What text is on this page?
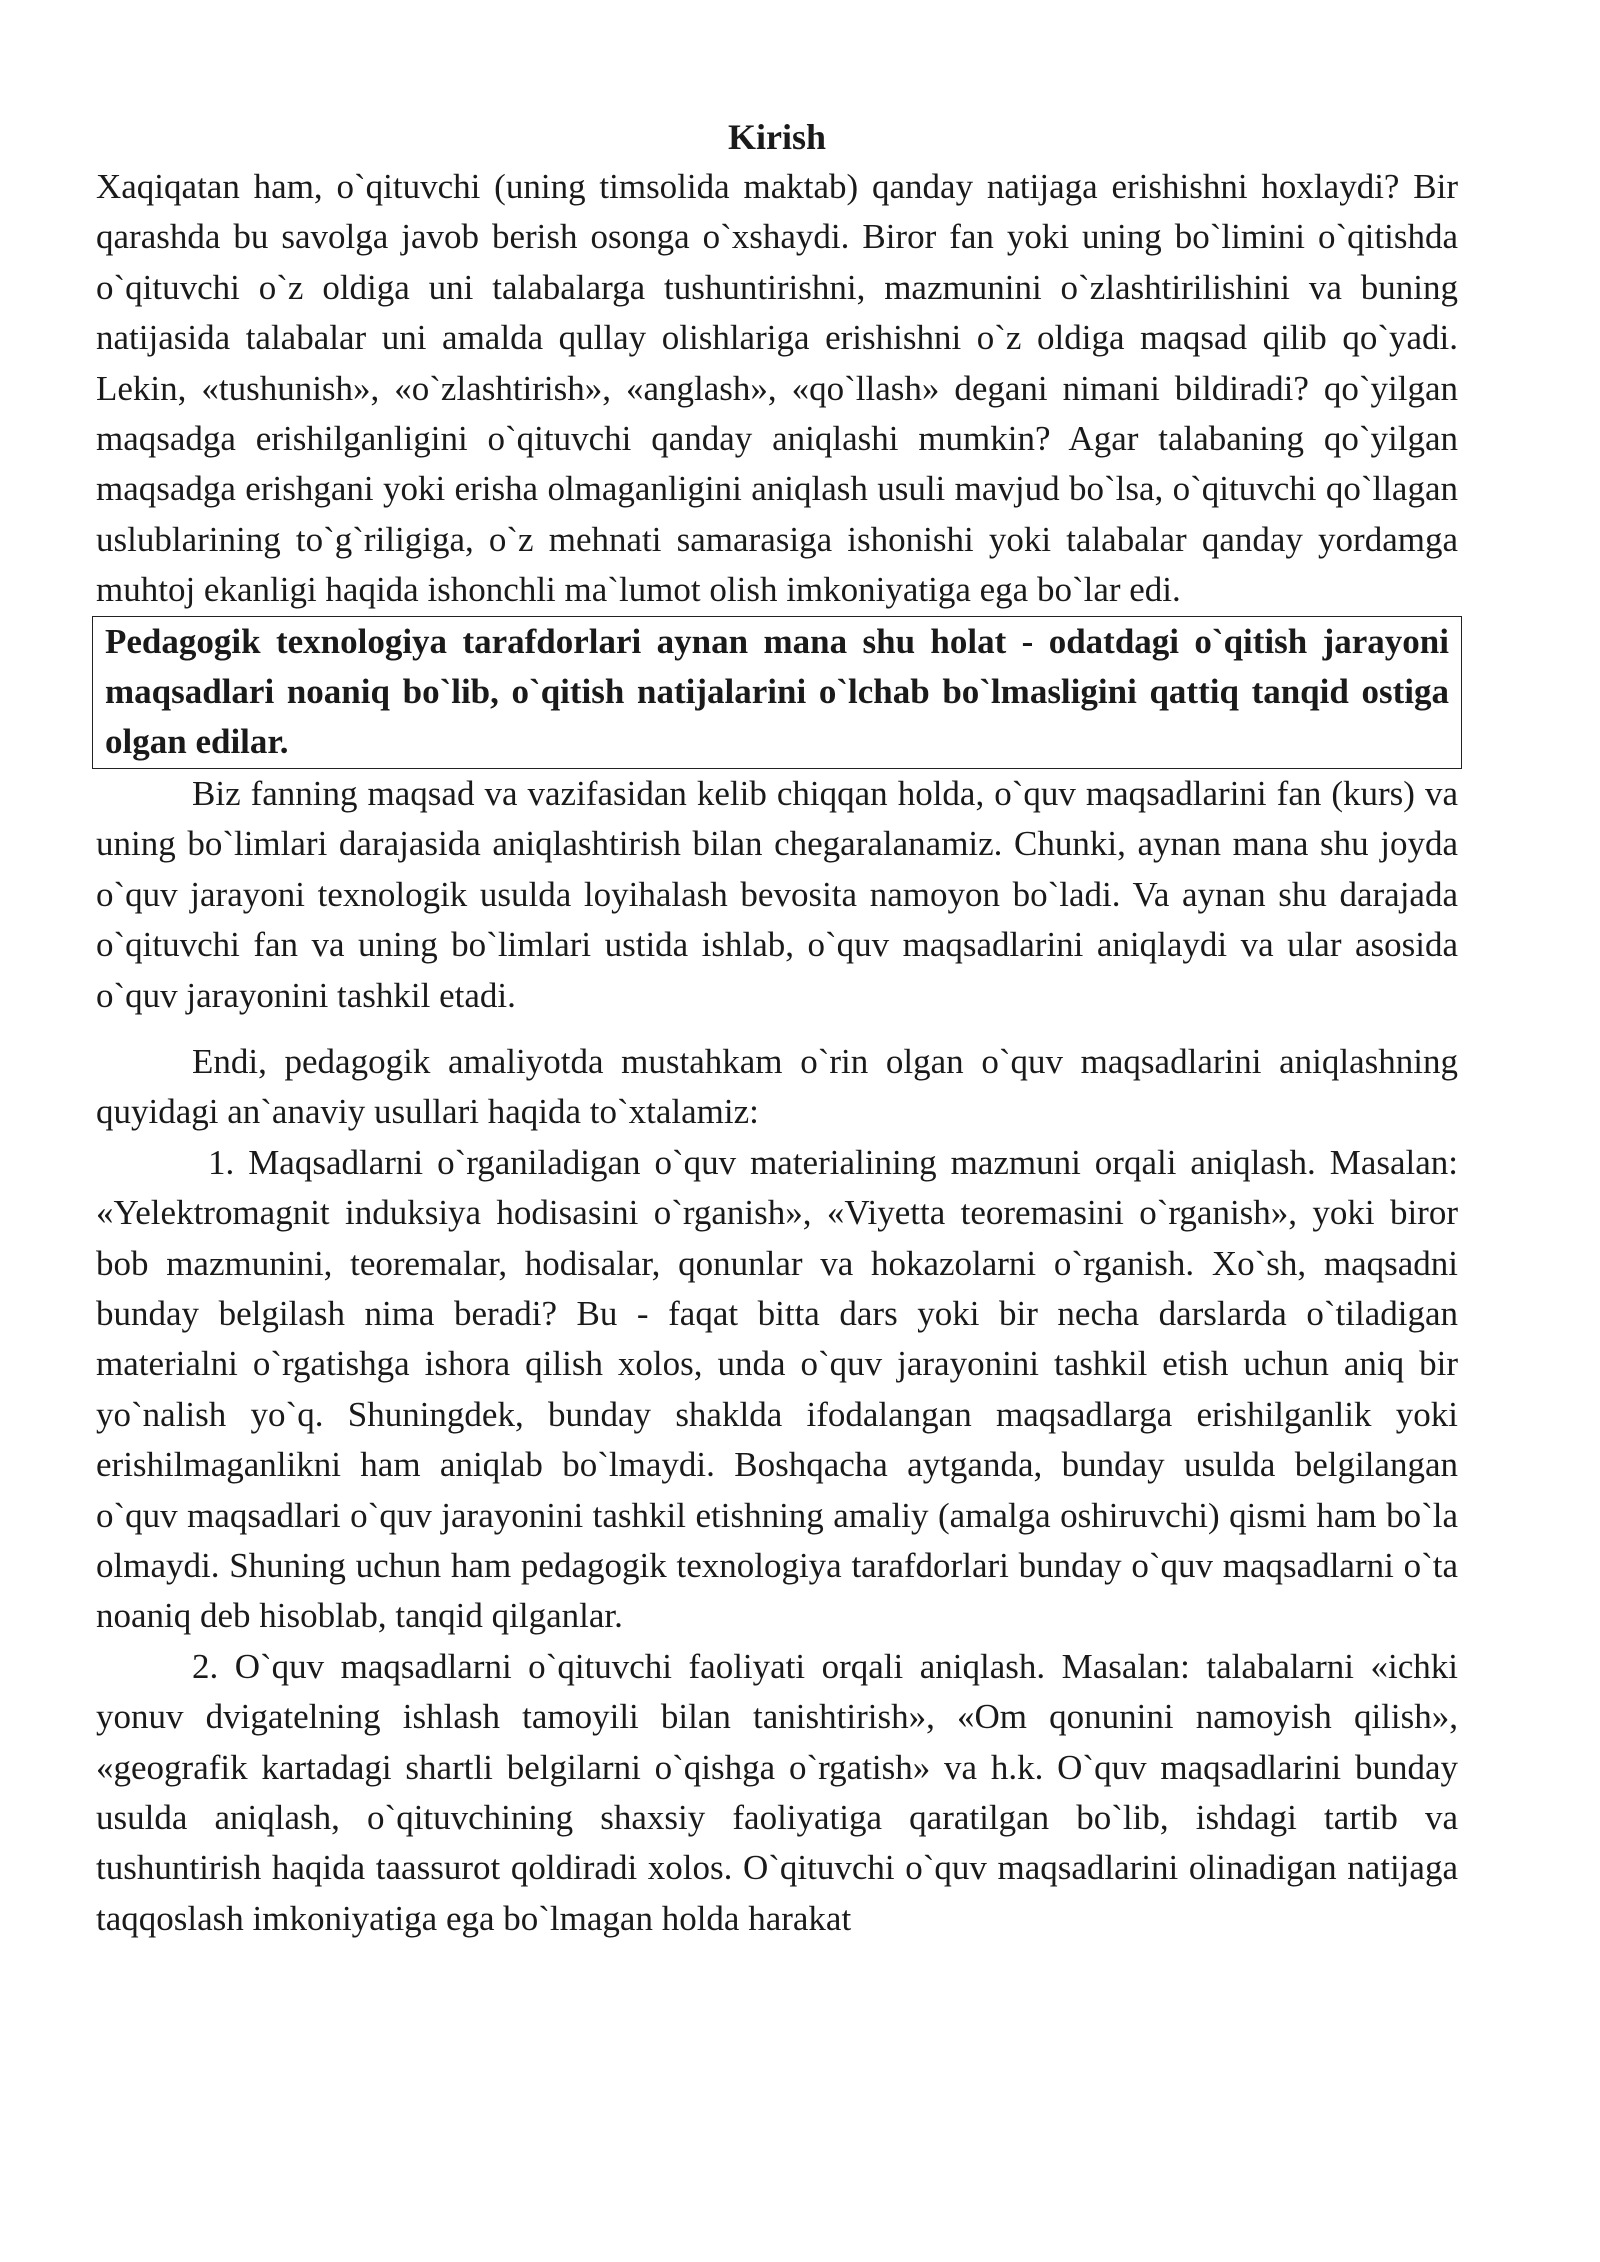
Kirish

Xaqiqatan ham, o`qituvchi (uning timsolida maktab) qanday natijaga erishishni hoxlaydi? Bir qarashda bu savolga javob berish osonga o`xshaydi. Biror fan yoki uning bo`limini o`qitishda o`qituvchi o`z oldiga uni talabalarga tushuntirishni, mazmunini o`zlashtirilishini va buning natijasida talabalar uni amalda qullay olishlariga erishishni o`z oldiga maqsad qilib qo`yadi. Lekin, «tushunish», «o`zlashtirish», «anglash», «qo`llash» degani nimani bildiradi? qo`yilgan maqsadga erishilganligini o`qituvchi qanday aniqlashi mumkin? Agar talabaning qo`yilgan maqsadga erishgani yoki erisha olmaganligini aniqlash usuli mavjud bo`lsa, o`qituvchi qo`llagan uslublarining to`g`riligiga, o`z mehnati samarasiga ishonishi yoki talabalar qanday yordamga muhtoj ekanligi haqida ishonchli ma`lumot olish imkoniyatiga ega bo`lar edi.

Pedagogik texnologiya tarafdorlari aynan mana shu holat - odatdagi o`qitish jarayoni maqsadlari noaniq bo`lib, o`qitish natijalarini o`lchab bo`lmasligini qattiq tanqid ostiga olgan edilar.

Biz fanning maqsad va vazifasidan kelib chiqqan holda, o`quv maqsadlarini fan (kurs) va uning bo`limlari darajasida aniqlashtirish bilan chegaralanamiz. Chunki, aynan mana shu joyda o`quv jarayoni texnologik usulda loyihalash bevosita namoyon bo`ladi. Va aynan shu darajada o`qituvchi fan va uning bo`limlari ustida ishlab, o`quv maqsadlarini aniqlaydi va ular asosida o`quv jarayonini tashkil etadi.

Endi, pedagogik amaliyotda mustahkam o`rin olgan o`quv maqsadlarini aniqlashning quyidagi an`anaviy usullari haqida to`xtalamiz:

1. Maqsadlarni o`rganiladigan o`quv materialining mazmuni orqali aniqlash. Masalan: «Yelektromagnit induksiya hodisasini o`rganish», «Viyetta teoremasini o`rganish», yoki biror bob mazmunini, teoremalar, hodisalar, qonunlar va hokazolarni o`rganish. Xo`sh, maqsadni bunday belgilash nima beradi? Bu - faqat bitta dars yoki bir necha darslarda o`tiladigan materialni o`rgatishga ishora qilish xolos, unda o`quv jarayonini tashkil etish uchun aniq bir yo`nalish yo`q. Shuningdek, bunday shaklda ifodalangan maqsadlarga erishilganlik yoki erishilmaganlikni ham aniqlab bo`lmaydi. Boshqacha aytganda, bunday usulda belgilangan o`quv maqsadlari o`quv jarayonini tashkil etishning amaliy (amalga oshiruvchi) qismi ham bo`la olmaydi. Shuning uchun ham pedagogik texnologiya tarafdorlari bunday o`quv maqsadlarni o`ta noaniq deb hisoblab, tanqid qilganlar.

2. O`quv maqsadlarni o`qituvchi faoliyati orqali aniqlash. Masalan: talabalarni «ichki yonuv dvigatelning ishlash tamoyili bilan tanishtirish», «Om qonunini namoyish qilish», «geografik kartadagi shartli belgilarni o`qishga o`rgatish» va h.k. O`quv maqsadlarini bunday usulda aniqlash, o`qituvchining shaxsiy faoliyatiga qaratilgan bo`lib, ishdagi tartib va tushuntirish haqida taassurot qoldiradi xolos. O`qituvchi o`quv maqsadlarini olinadigan natijaga taqqoslash imkoniyatiga ega bo`lmagan holda harakat
